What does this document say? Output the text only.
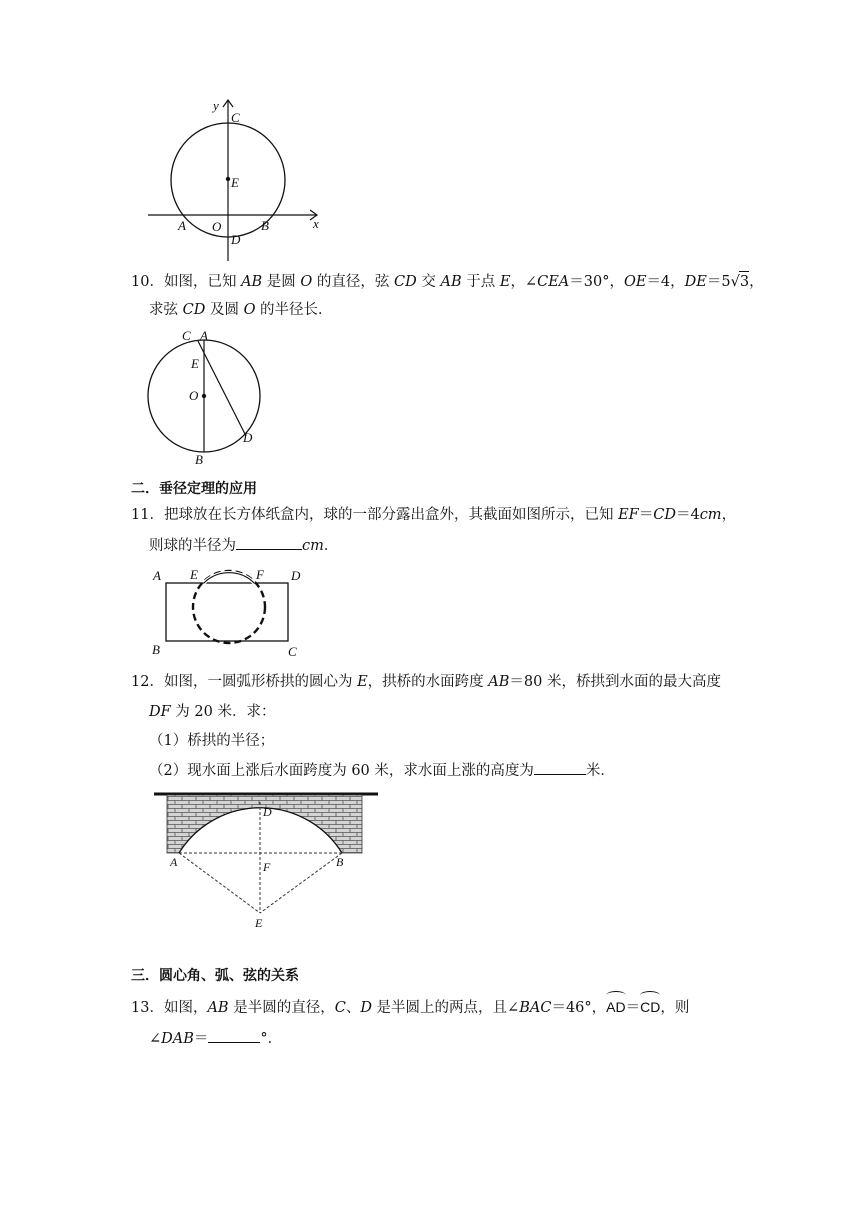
y
C
E
A O	B
D
x
10．如图，已知 AB 是圆 O 的直径，弦 CD 交 AB 于点 E，∠CEA＝30°，OE＝4，DE＝5√3，
求弦 CD 及圆 O 的半径长．
C A
E
O
D
B
二．垂径定理的应用
11．把球放在长方体纸盒内，球的一部分露出盒外，其截面如图所示，已知 EF＝CD＝4cm，
则球的半径为	cm．
A E	F D
B	C
12．如图，一圆弧形桥拱的圆心为 E，拱桥的水面跨度 AB＝80 米，桥拱到水面的最大高度
DF 为 20 米．求：
（1）桥拱的半径；
（2）现水面上涨后水面跨度为 60 米，求水面上涨的高度为	米．
D
F
A	B
E
三．圆心角、弧、弦的关系
13．如图，AB 是半圆的直径，C、D 是半圆上的两点，且∠BAC＝46°，AD＝CD，则
∠DAB＝	°．
